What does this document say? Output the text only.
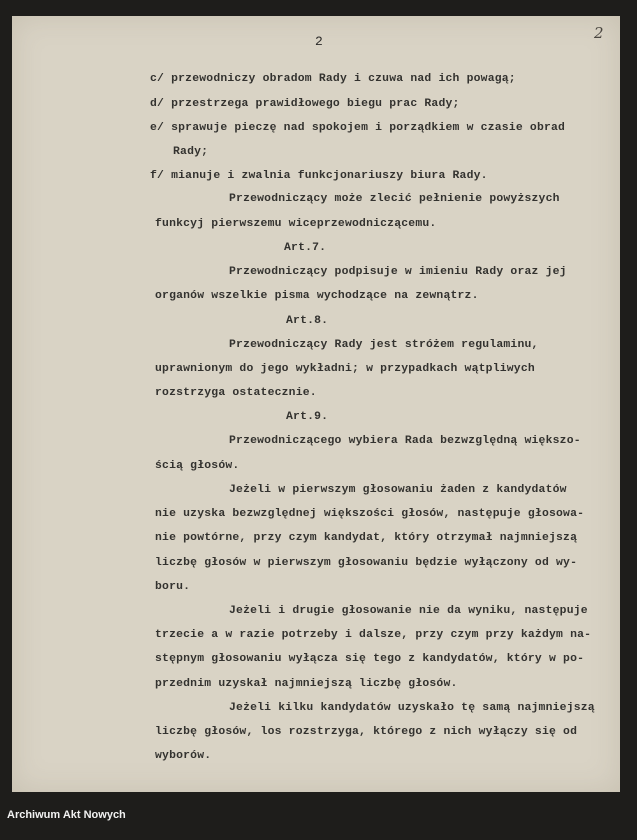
2	2
c/ przewodniczy obradom Rady i czuwa nad ich powagą;
d/ przestrzega prawidłowego biegu prac Rady;
e/ sprawuje pieczę nad spokojem i porządkiem w czasie obrad
Rady;
f/ mianuje i zwalnia funkcjonariuszy biura Rady.
Przewodniczący może zlecić pełnienie powyższych
funkcyj pierwszemu wiceprzewodniczącemu.
Art.7.
Przewodniczący podpisuje w imieniu Rady oraz jej
organów wszelkie pisma wychodzące na zewnątrz.
Art.8.
Przewodniczący Rady jest stróżem regulaminu,
uprawnionym do jego wykładni; w przypadkach wątpliwych
rozstrzyga ostatecznie.
Art.9.
Przewodniczącego wybiera Rada bezwzględną większo-
ścią głosów.
Jeżeli w pierwszym głosowaniu żaden z kandydatów
nie uzyska bezwzględnej większości głosów, następuje głosowa-
nie powtórne, przy czym kandydat, który otrzymał najmniejszą
liczbę głosów w pierwszym głosowaniu będzie wyłączony od wy-
boru.
Jeżeli i drugie głosowanie nie da wyniku, następuje
trzecie a w razie potrzeby i dalsze, przy czym przy każdym na-
stępnym głosowaniu wyłącza się tego z kandydatów, który w po-
przednim uzyskał najmniejszą liczbę głosów.
Jeżeli kilku kandydatów uzyskało tę samą najmniejszą
liczbę głosów, los rozstrzyga, którego z nich wyłączy się od
wyborów.
Archiwum Akt Nowych
